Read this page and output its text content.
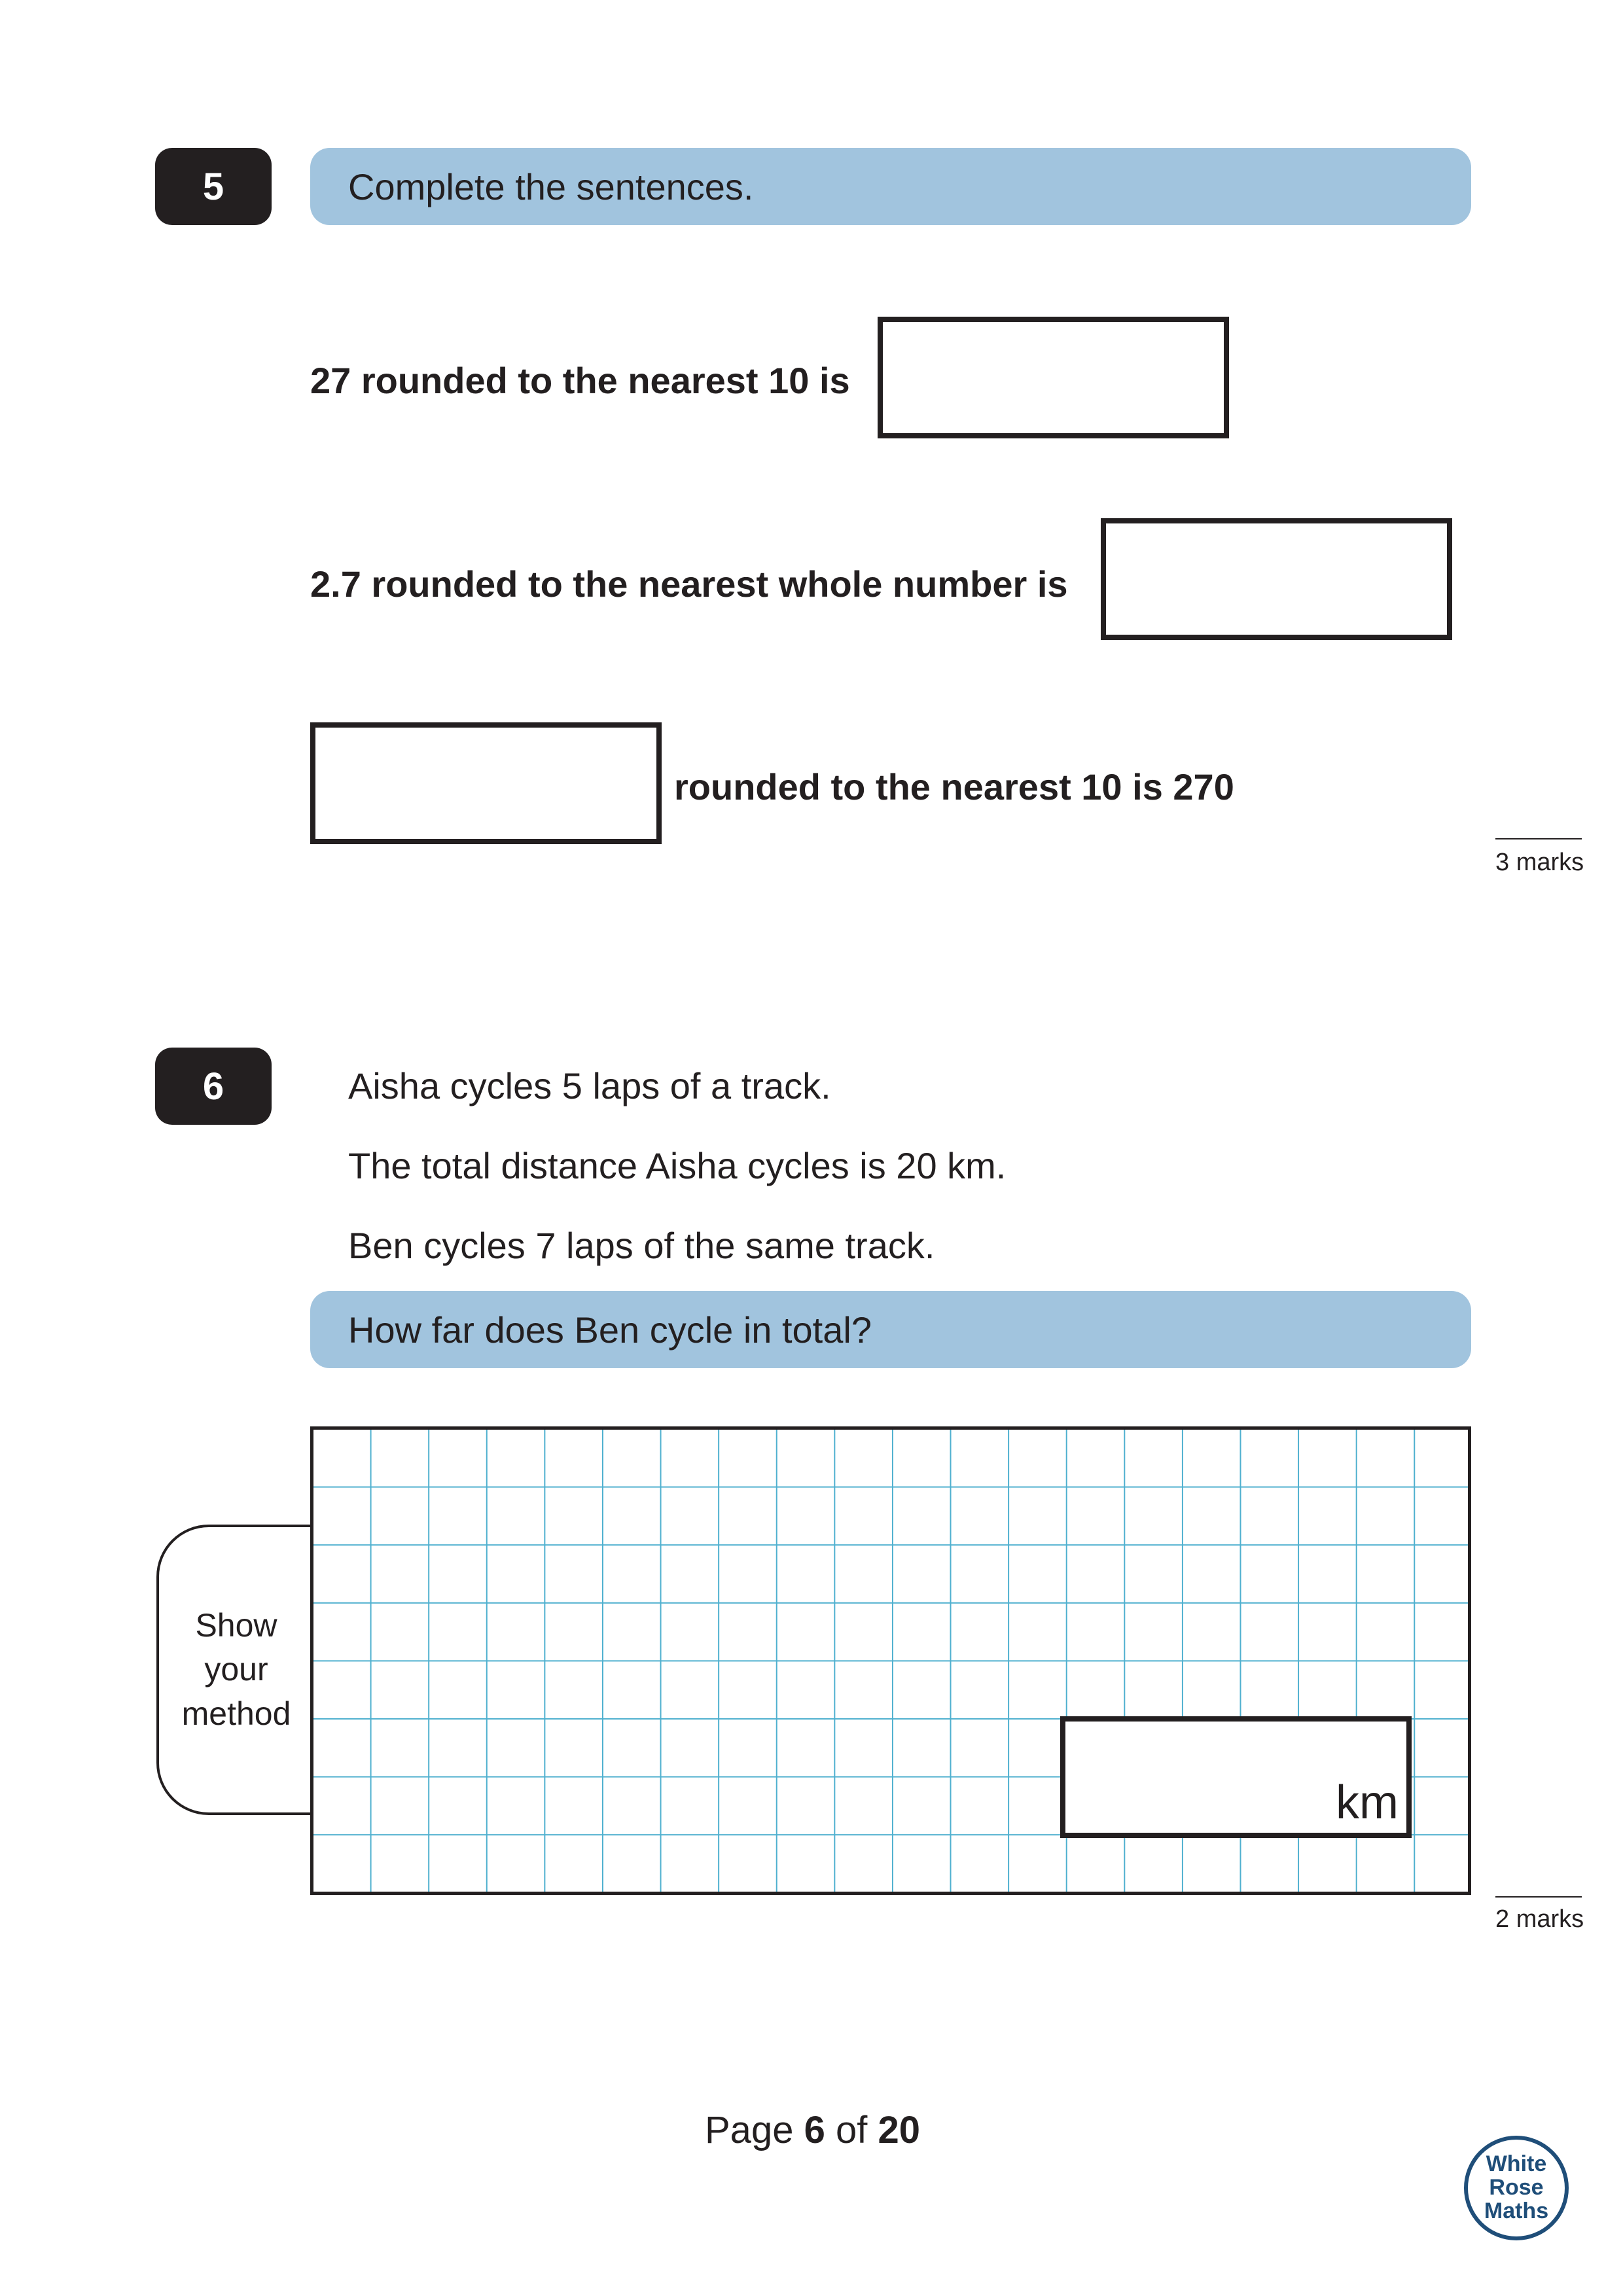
5	Complete the sentences.
27 rounded to the nearest 10 is
2.7 rounded to the nearest whole number is
rounded to the nearest 10 is 270
3 marks
6	Aisha cycles 5 laps of a track.
The total distance Aisha cycles is 20 km.
Ben cycles 7 laps of the same track.
How far does Ben cycle in total?
Show
your
method
km
2 marks
Page 6 of 20
White
Rose
Maths
